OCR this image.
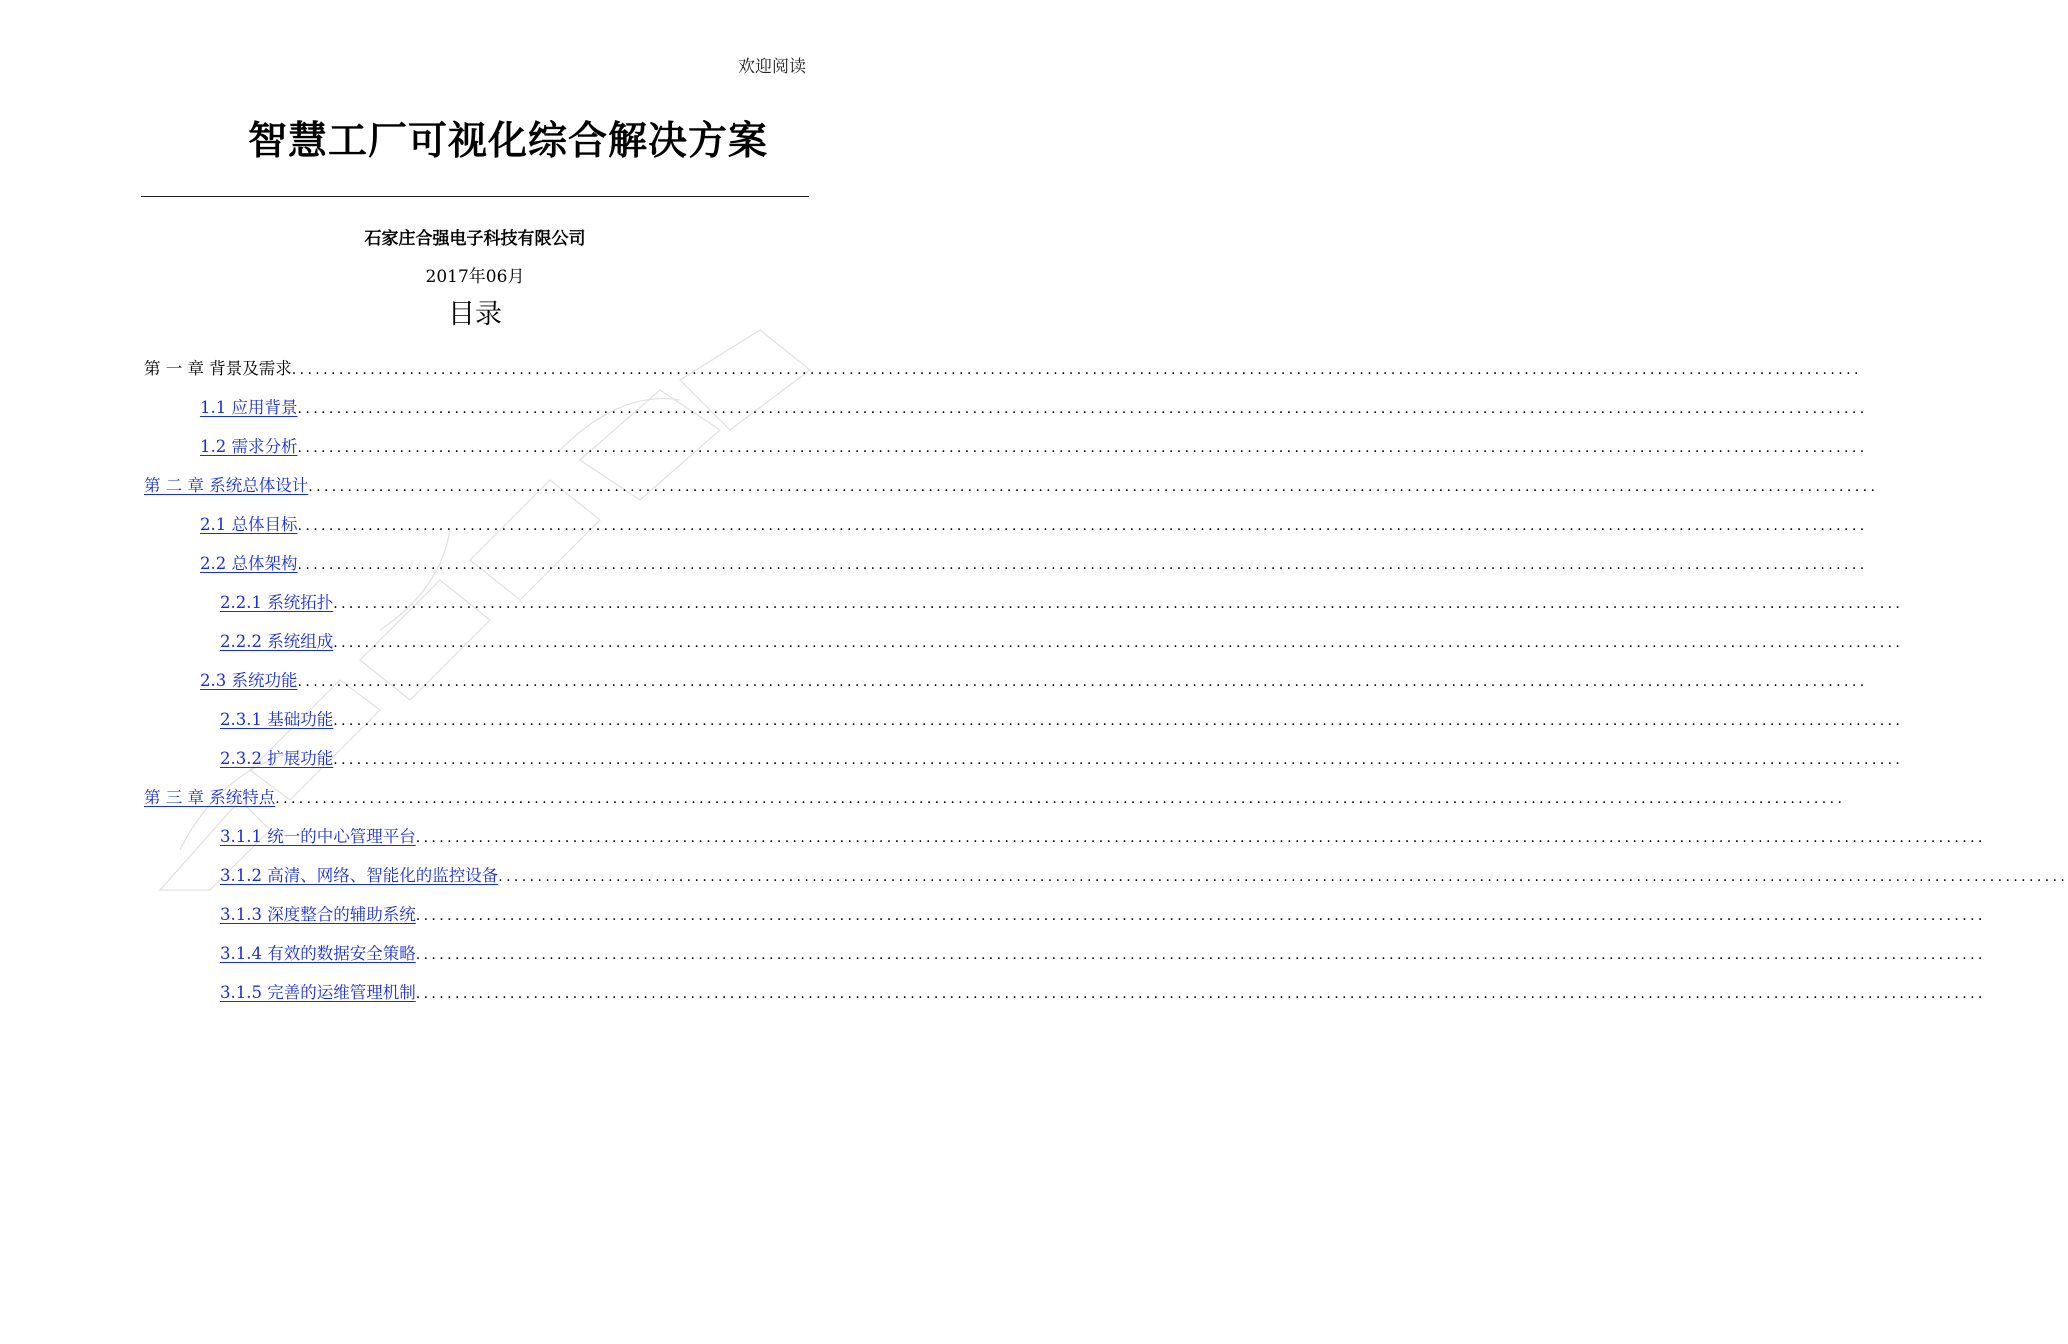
欢迎阅读
智慧工厂可视化综合解决方案
石家庄合强电子科技有限公司
2017年06月
目录
第 一 章 背景及需求 ........................................................................................................................................................................................................
1.1 应用背景 ........................................................................................................................................................................................................
1.2 需求分析 ........................................................................................................................................................................................................
第 二 章 系统总体设计 ........................................................................................................................................................................................................
2.1 总体目标 ........................................................................................................................................................................................................
2.2 总体架构 ........................................................................................................................................................................................................
2.2.1 系统拓扑 ........................................................................................................................................................................................................
2.2.2 系统组成 ........................................................................................................................................................................................................
2.3 系统功能 ........................................................................................................................................................................................................
2.3.1 基础功能 ........................................................................................................................................................................................................
2.3.2 扩展功能 ........................................................................................................................................................................................................
第 三 章 系统特点 ........................................................................................................................................................................................................
3.1.1 统一的中心管理平台 ........................................................................................................................................................................................................
3.1.2 高清、网络、智能化的监控设备 ........................................................................................................................................................................................................
3.1.3 深度整合的辅助系统 ........................................................................................................................................................................................................
3.1.4 有效的数据安全策略 ........................................................................................................................................................................................................
3.1.5 完善的运维管理机制 ........................................................................................................................................................................................................
